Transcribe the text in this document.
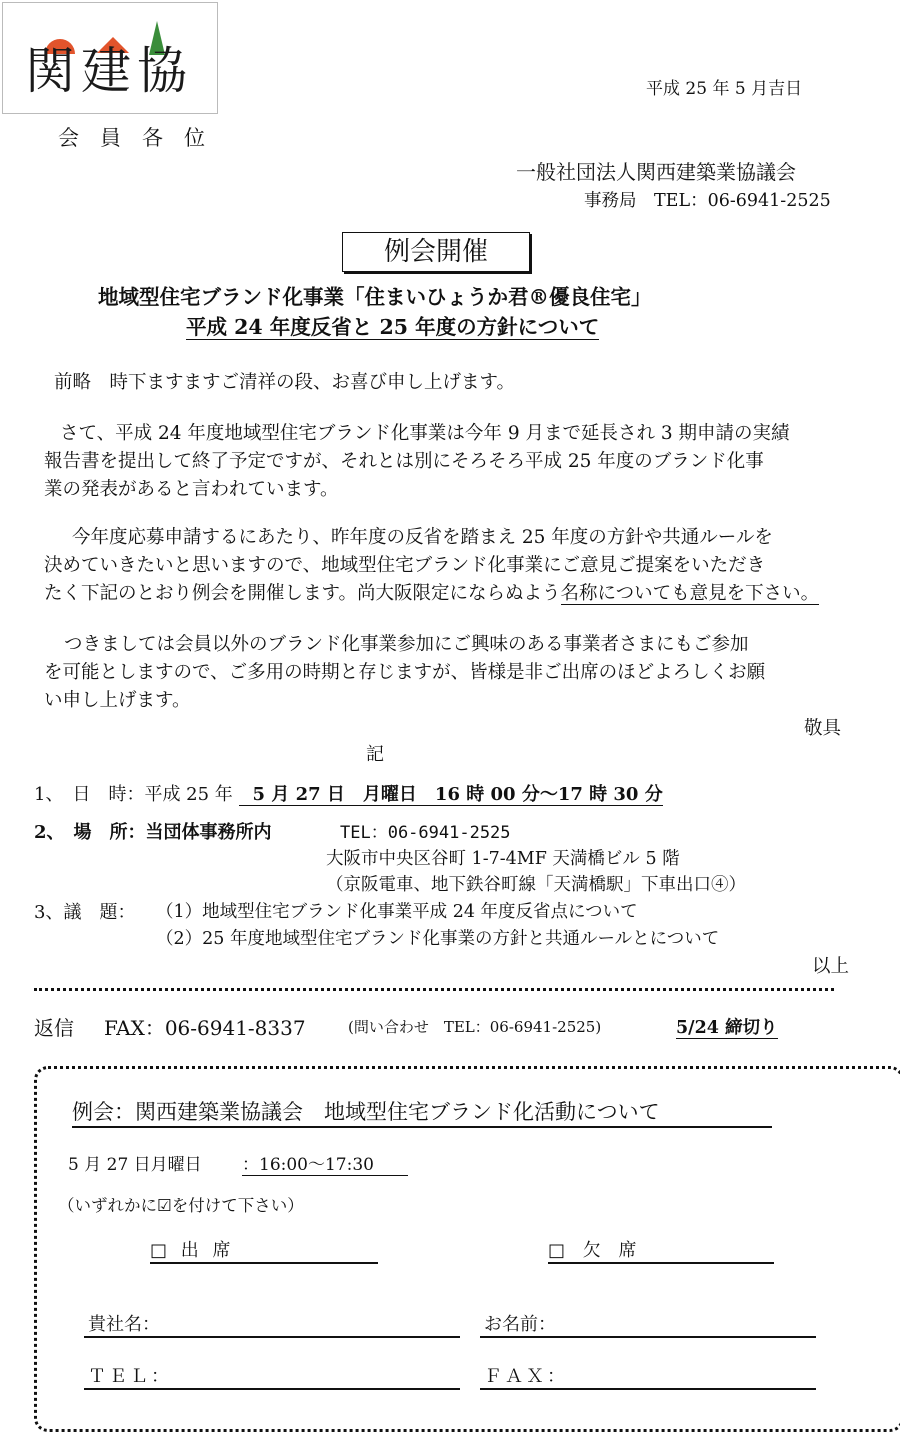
関建協	平成 25 年 5 月吉日
会　員　各　位
一般社団法人関西建築業協議会
事務局　TEL：06-6941-2525
例会開催
地域型住宅ブランド化事業「住まいひょうか君®優良住宅」
平成 24 年度反省と 25 年度の方針について
前略　時下ますますご清祥の段、お喜び申し上げます。
さて、平成 24 年度地域型住宅ブランド化事業は今年 9 月まで延長され 3 期申請の実績
報告書を提出して終了予定ですが、それとは別にそろそろ平成 25 年度のブランド化事
業の発表があると言われています。
今年度応募申請するにあたり、昨年度の反省を踏まえ 25 年度の方針や共通ルールを
決めていきたいと思いますので、地域型住宅ブランド化事業にご意見ご提案をいただき
たく下記のとおり例会を開催します。尚大阪限定にならぬよう名称についても意見を下さい。
つきましては会員以外のブランド化事業参加にご興味のある事業者さまにもご参加
を可能としますので、ご多用の時期と存じますが、皆様是非ご出席のほどよろしくお願
い申し上げます。
敬具
記
1、　日　時：平成 25 年 5 月 27 日　月曜日　16 時 00 分～17 時 30 分
2、　場　所：当団体事務所内	TEL：06-6941-2525
大阪市中央区谷町 1-7-4MF 天満橋ビル 5 階
（京阪電車、地下鉄谷町線「天満橋駅」下車出口④）
3、議　題： （1）地域型住宅ブランド化事業平成 24 年度反省点について
（2）25 年度地域型住宅ブランド化事業の方針と共通ルールとについて
以上
返信 FAX：06-6941-8337	(問い合わせ　TEL：06-6941-2525)	5/24 締切り
例会：関西建築業協議会　地域型住宅ブランド化活動について
5 月 27 日月曜日 ：16:00～17:30
（いずれかに☑を付けて下さい）
□ 出 席	□ 欠 席
貴社名：	お名前：
ＴＥＬ：	ＦＡＸ：
